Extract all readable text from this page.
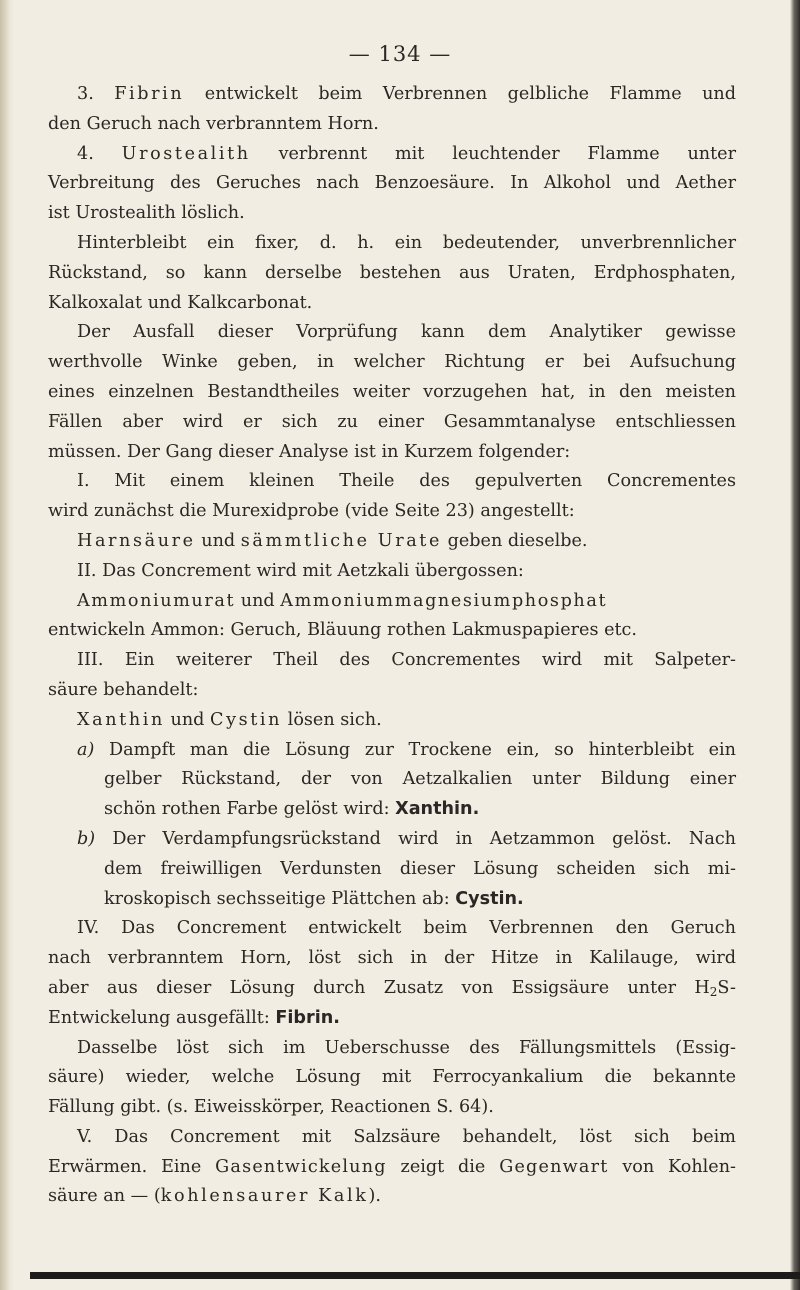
— 134 —
3. Fibrin entwickelt beim Verbrennen gelbliche Flamme und
den Geruch nach verbranntem Horn.
4. Urostealith verbrennt mit leuchtender Flamme unter
Verbreitung des Geruches nach Benzoesäure. In Alkohol und Aether
ist Urostealith löslich.
Hinterbleibt ein fixer, d. h. ein bedeutender, unverbrennlicher
Rückstand, so kann derselbe bestehen aus Uraten, Erdphosphaten,
Kalkoxalat und Kalkcarbonat.
Der Ausfall dieser Vorprüfung kann dem Analytiker gewisse
werthvolle Winke geben, in welcher Richtung er bei Aufsuchung
eines einzelnen Bestandtheiles weiter vorzugehen hat, in den meisten
Fällen aber wird er sich zu einer Gesammtanalyse entschliessen
müssen. Der Gang dieser Analyse ist in Kurzem folgender:
I. Mit einem kleinen Theile des gepulverten Concrementes
wird zunächst die Murexidprobe (vide Seite 23) angestellt:
Harnsäure und sämmtliche Urate geben dieselbe.
II. Das Concrement wird mit Aetzkali übergossen:
Ammoniumurat und Ammoniummagnesiumphosphat
entwickeln Ammon: Geruch, Bläuung rothen Lakmuspapieres etc.
III. Ein weiterer Theil des Concrementes wird mit Salpeter-
säure behandelt:
Xanthin und Cystin lösen sich.
a) Dampft man die Lösung zur Trockene ein, so hinterbleibt ein
gelber Rückstand, der von Aetzalkalien unter Bildung einer
schön rothen Farbe gelöst wird: Xanthin.
b) Der Verdampfungsrückstand wird in Aetzammon gelöst. Nach
dem freiwilligen Verdunsten dieser Lösung scheiden sich mi-
kroskopisch sechsseitige Plättchen ab: Cystin.
IV. Das Concrement entwickelt beim Verbrennen den Geruch
nach verbranntem Horn, löst sich in der Hitze in Kalilauge, wird
aber aus dieser Lösung durch Zusatz von Essigsäure unter $H_2S-$
Entwickelung ausgefällt: Fibrin.
Dasselbe löst sich im Ueberschusse des Fällungsmittels (Essig-
säure) wieder, welche Lösung mit Ferrocyankalium die bekannte
Fällung gibt. (s. Eiweisskörper, Reactionen S. 64).
V. Das Concrement mit Salzsäure behandelt, löst sich beim
Erwärmen. Eine Gasentwickelung zeigt die Gegenwart von Kohlen-
säure an — (kohlensaurer Kalk).
